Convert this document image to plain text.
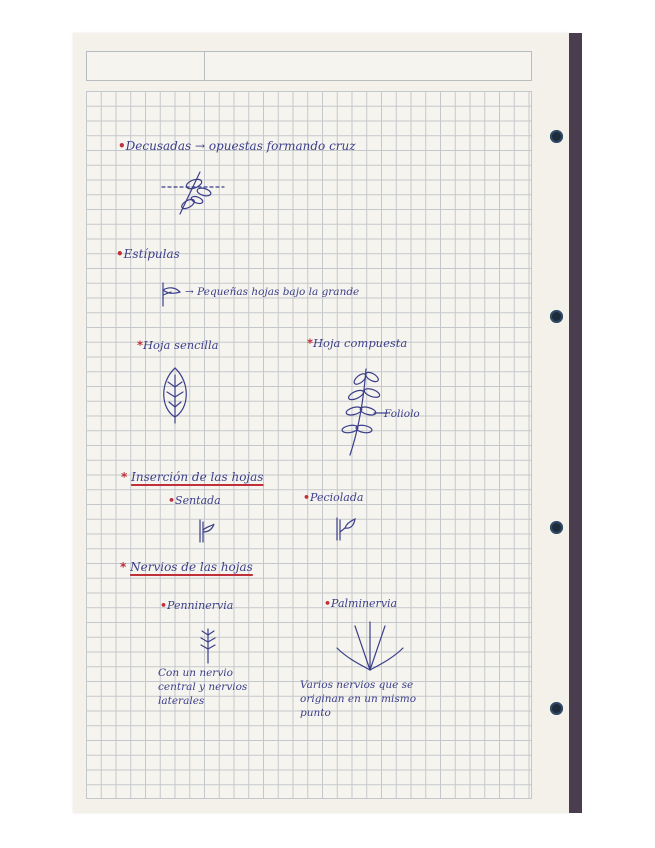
•Decusadas → opuestas formando cruz
•Estípulas
→ Pequeñas hojas bajo la grande
*Hoja sencilla	*Hoja compuesta
Foliolo
* Inserción de las hojas
•Sentada	•Peciolada
* Nervios de las hojas
•Penninervia
Con un nervio
central y nervios
laterales
•Palminervia
Varios nervios que se
originan en un mismo
punto
